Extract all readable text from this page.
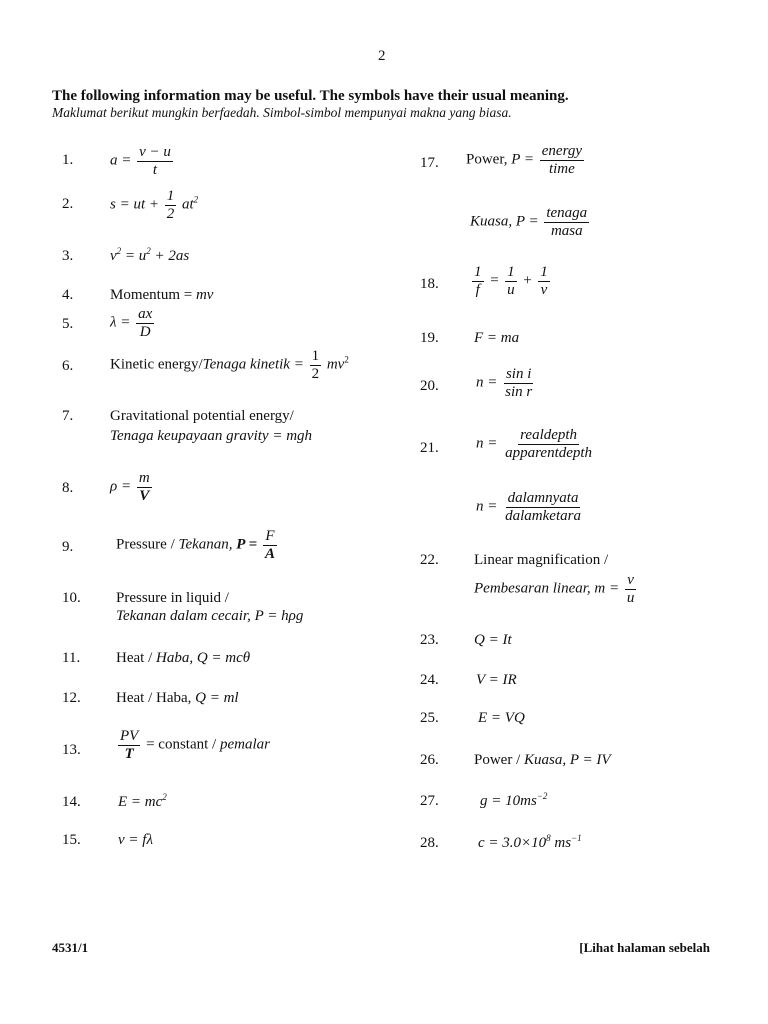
2
The following information may be useful. The symbols have their usual meaning.
Maklumat berikut mungkin berfaedah. Simbol-simbol mempunyai makna yang biasa.
1. $a = \frac{v - u}{t}$
2. s = ut + $\frac{1}{2} at^2$
3. $v^2 = u^2 + 2as$
4. Momentum = mv
5. $\lambda = \frac{ax}{D}$
6. Kinetic energy/Tenaga kinetik = $\frac{1}{2} mv^2$
7. Gravitational potential energy/
Tenaga keupayaan gravity = mgh
8. $\rho = \frac{m}{V}$
9.	Pressure / Tekanan, $P = \frac{F}{A}$
10. Pressure in liquid /
Tekanan dalam cecair, P = hρg
11. Heat / Haba, Q = mcθ
12. Heat / Haba, Q = ml
13. $\frac{PV}{T}$ = constant / pemalar
14. $E = mc^2$
15. v = fλ
17. Power, $P = \frac{\text{energy}}{\text{time}}$
Kuasa, $P = \frac{\text{tenaga}}{\text{masa}}$
18. $\frac{1}{f} = \frac{1}{u} + \frac{1}{v}$
19. F = ma
20. $n = \frac{\text{sin i}}{\text{sin r}}$
21. $n = \frac{\text{realdepth}}{\text{apparentdepth}}$
$n = \frac{\text{dalamnyata}}{\text{dalamketara}}$
22. Linear magnification /
Pembesaran linear, $m = \frac{v}{u}$
23. Q = It
24. V = IR
25.	E = VQ
26. Power / Kuasa, P = IV
27.	$g = 10ms^{-2}$
28.	$c = 3.0\times 10^8$ $ms^{-1}$
4531/1	[Lihat halaman sebelah
